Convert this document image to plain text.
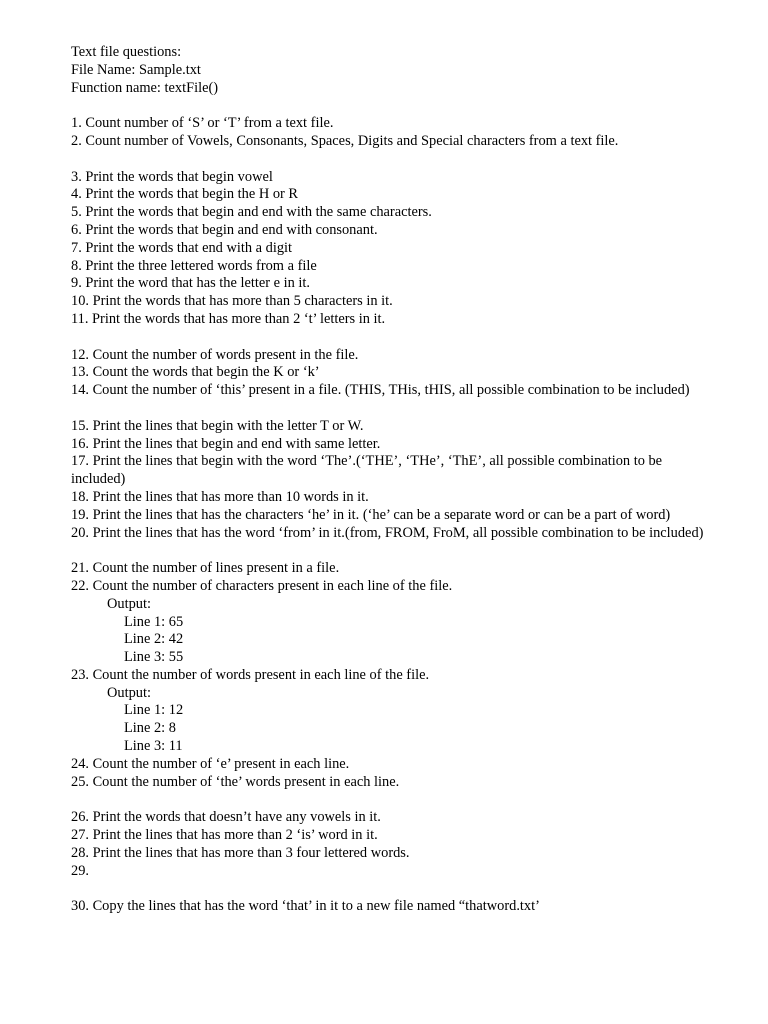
Text file questions:
File Name: Sample.txt
Function name: textFile()
1. Count number of ‘S’ or ‘T’ from a text file.
2. Count number of Vowels, Consonants, Spaces, Digits and Special characters from a text file.
3. Print the words that begin vowel
4. Print the words that begin the H or R
5. Print the words that begin and end with the same characters.
6. Print the words that begin and end with consonant.
7. Print the words that end with a digit
8. Print the three lettered words from a file
9. Print the word that has the letter e in it.
10. Print the words that has more than 5 characters in it.
11. Print the words that has more than 2 ‘t’ letters in it.
12. Count the number of words present in the file.
13. Count the words that begin the K or ‘k’
14. Count the number of ‘this’ present in a file. (THIS, THis, tHIS, all possible combination to be included)
15. Print the lines that begin with the letter T or W.
16. Print the lines that begin and end with same letter.
17. Print the lines that begin with the word ‘The’.(‘THE’, ‘THe’, ‘ThE’, all possible combination to be included)
18. Print the lines that has more than 10 words in it.
19. Print the lines that has the characters ‘he’ in it. (‘he’ can be a separate word or can be a part of word)
20. Print the lines that has the word ‘from’ in it.(from, FROM, FroM, all possible combination to be included)
21. Count the number of lines present in a file.
22. Count the number of characters present in each line of the file.
Output:
Line 1: 65
Line 2: 42
Line 3: 55
23. Count the number of words present in each line of the file.
Output:
Line 1: 12
Line 2: 8
Line 3: 11
24. Count the number of ‘e’ present in each line.
25. Count the number of ‘the’ words present in each line.
26. Print the words that doesn’t have any vowels in it.
27. Print the lines that has more than 2 ‘is’ word in it.
28. Print the lines that has more than 3 four lettered words.
29.
30. Copy the lines that has the word ‘that’ in it to a new file named “thatword.txt’
